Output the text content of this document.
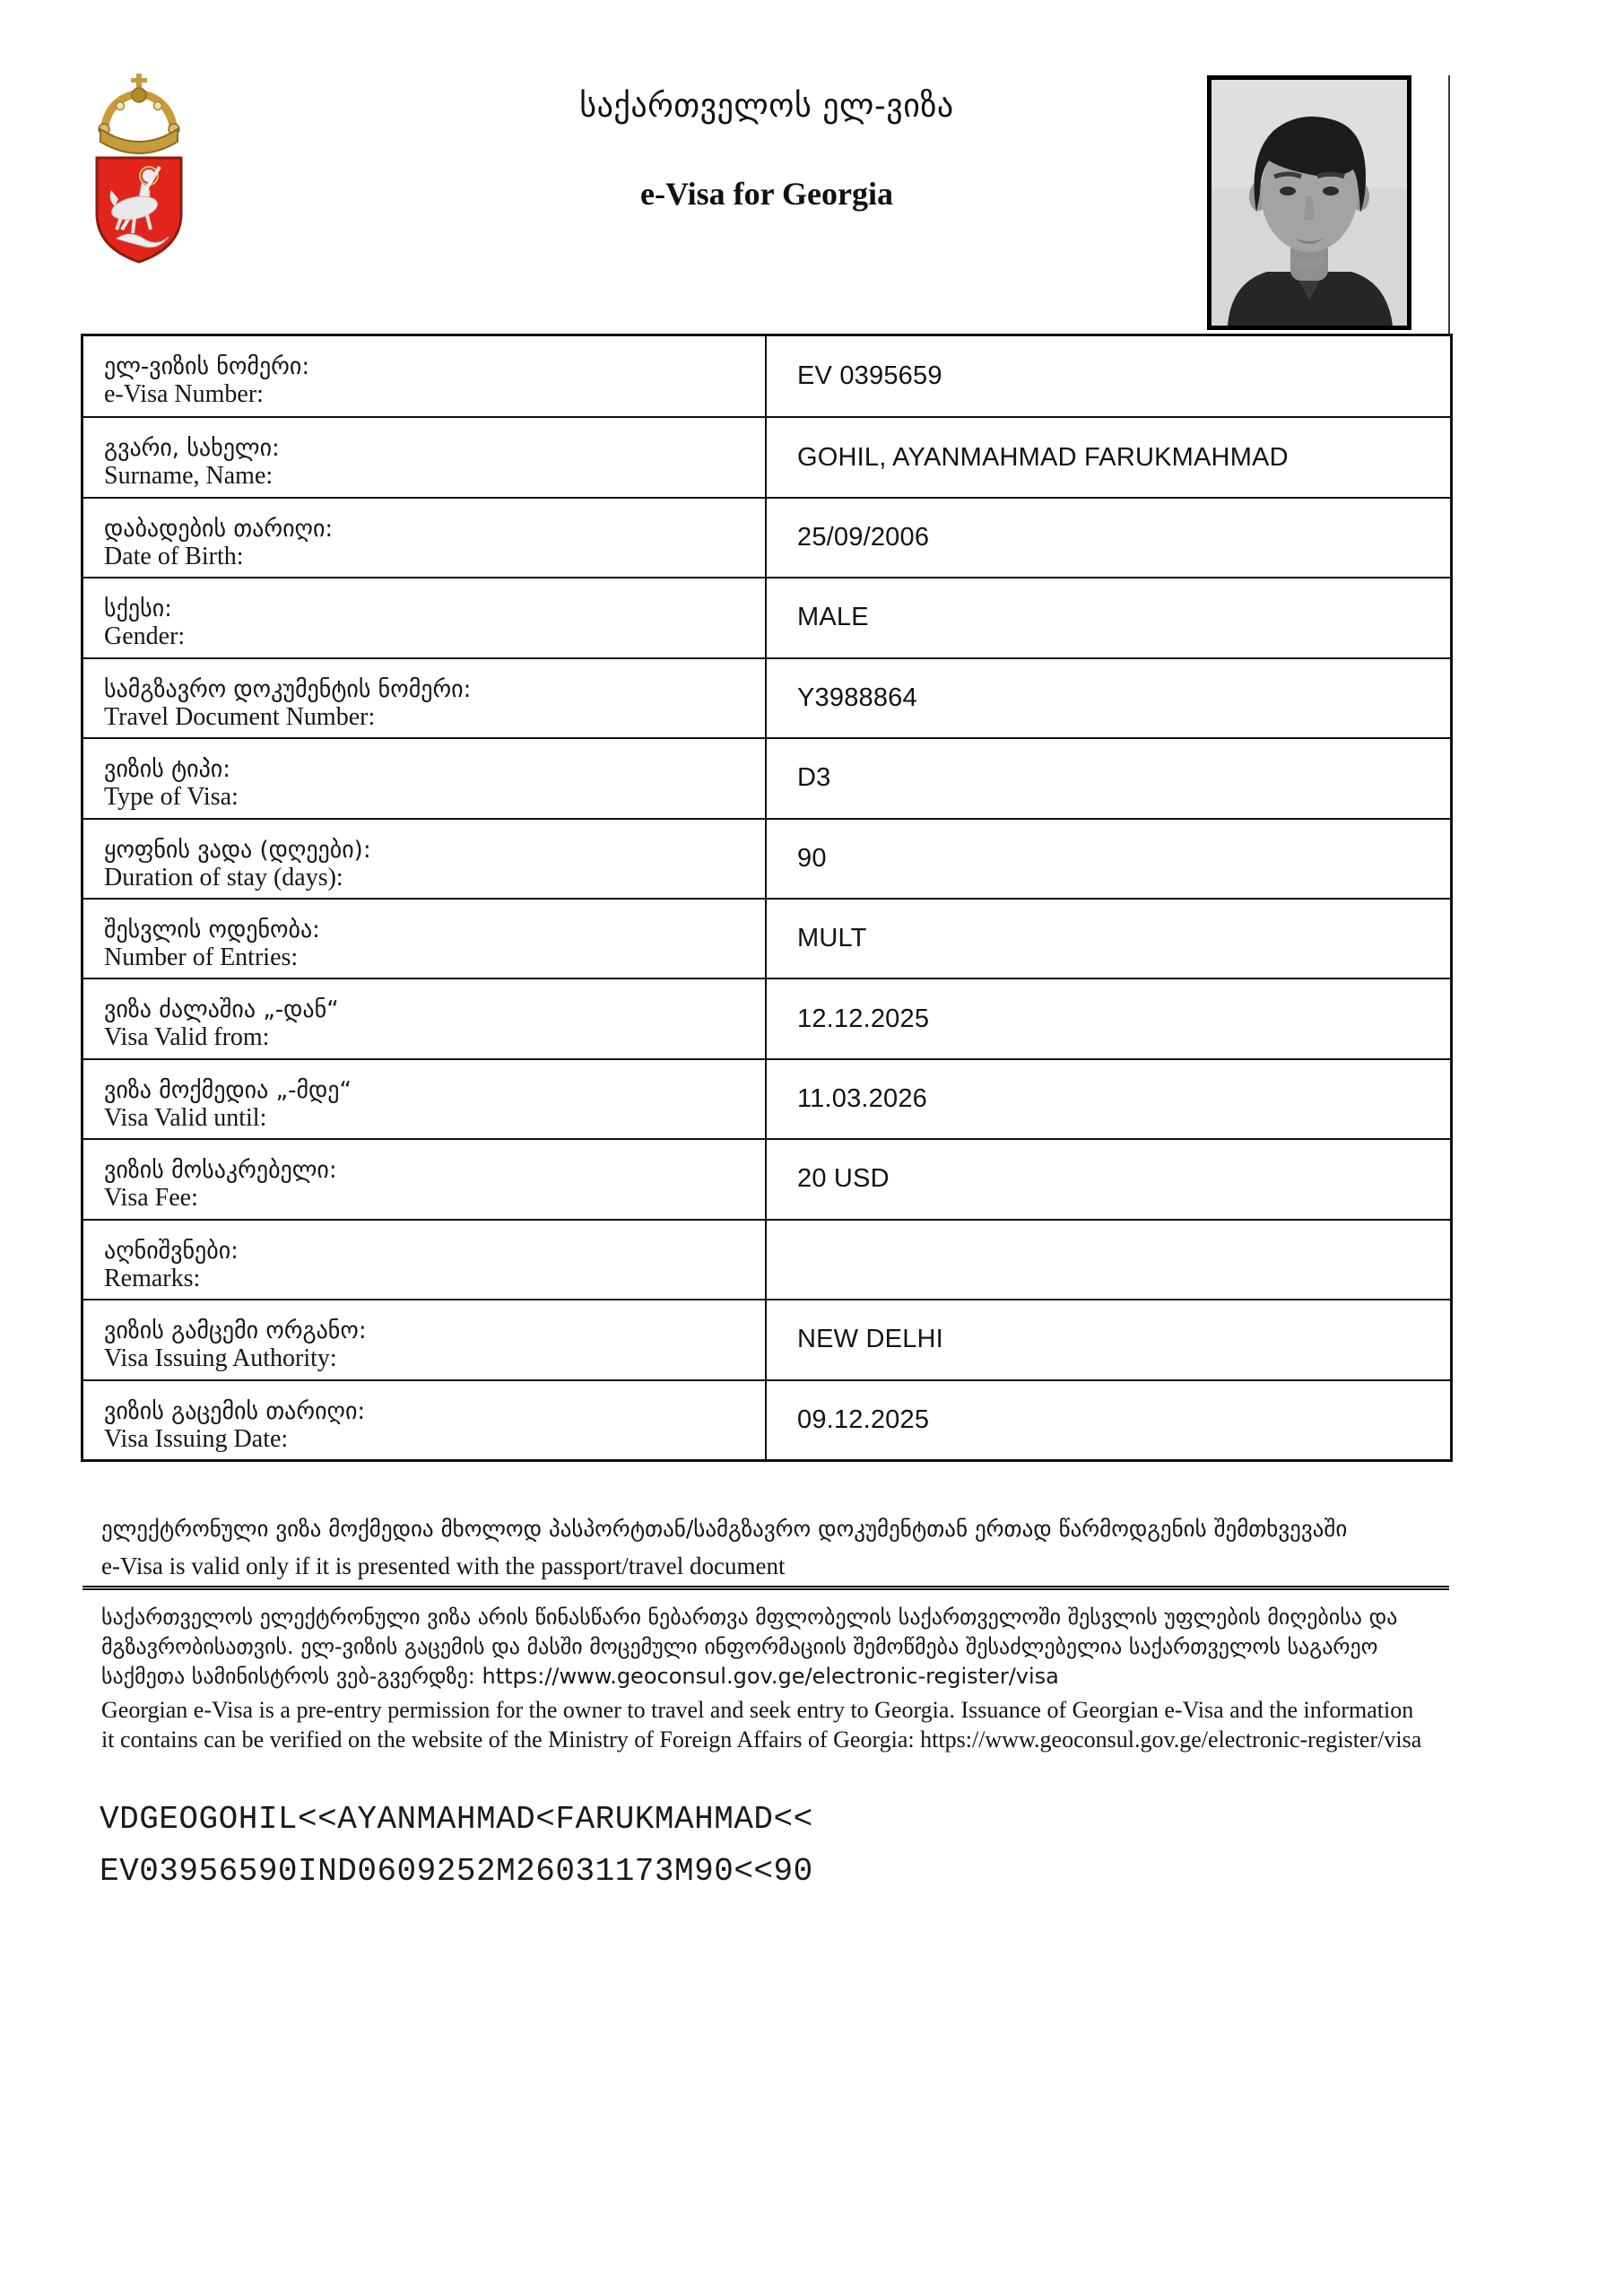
საქართველოს ელ-ვიზა
e-Visa for Georgia
ელ-ვიზის ნომერი:
e-Visa Number:
EV 0395659
გვარი, სახელი:
Surname, Name:
GOHIL, AYANMAHMAD FARUKMAHMAD
დაბადების თარიღი:
Date of Birth:
25/09/2006
სქესი:
Gender:
MALE
სამგზავრო დოკუმენტის ნომერი:
Travel Document Number:
Y3988864
ვიზის ტიპი:
Type of Visa:
D3
ყოფნის ვადა (დღეები):
Duration of stay (days):
90
შესვლის ოდენობა:
Number of Entries:
MULT
ვიზა ძალაშია „-დან“
Visa Valid from:
12.12.2025
ვიზა მოქმედია „-მდე“
Visa Valid until:
11.03.2026
ვიზის მოსაკრებელი:
Visa Fee:
20 USD
აღნიშვნები:
Remarks:
ვიზის გამცემი ორგანო:
Visa Issuing Authority:
NEW DELHI
ვიზის გაცემის თარიღი:
Visa Issuing Date:
09.12.2025
ელექტრონული ვიზა მოქმედია მხოლოდ პასპორტთან/სამგზავრო დოკუმენტთან ერთად წარმოდგენის შემთხვევაში
e-Visa is valid only if it is presented with the passport/travel document
საქართველოს ელექტრონული ვიზა არის წინასწარი ნებართვა მფლობელის საქართველოში შესვლის უფლების მიღებისა და მგზავრობისათვის. ელ-ვიზის გაცემის და მასში მოცემული ინფორმაციის შემოწმება შესაძლებელია საქართველოს საგარეო საქმეთა სამინისტროს ვებ-გვერდზე: https://www.geoconsul.gov.ge/electronic-register/visa
Georgian e-Visa is a pre-entry permission for the owner to travel and seek entry to Georgia. Issuance of Georgian e-Visa and the information it contains can be verified on the website of the Ministry of Foreign Affairs of Georgia: https://www.geoconsul.gov.ge/electronic-register/visa
VDGEOGOHIL<<AYANMAHMAD<FARUKMAHMAD<<
EV03956590IND0609252M26031173M90<<90
